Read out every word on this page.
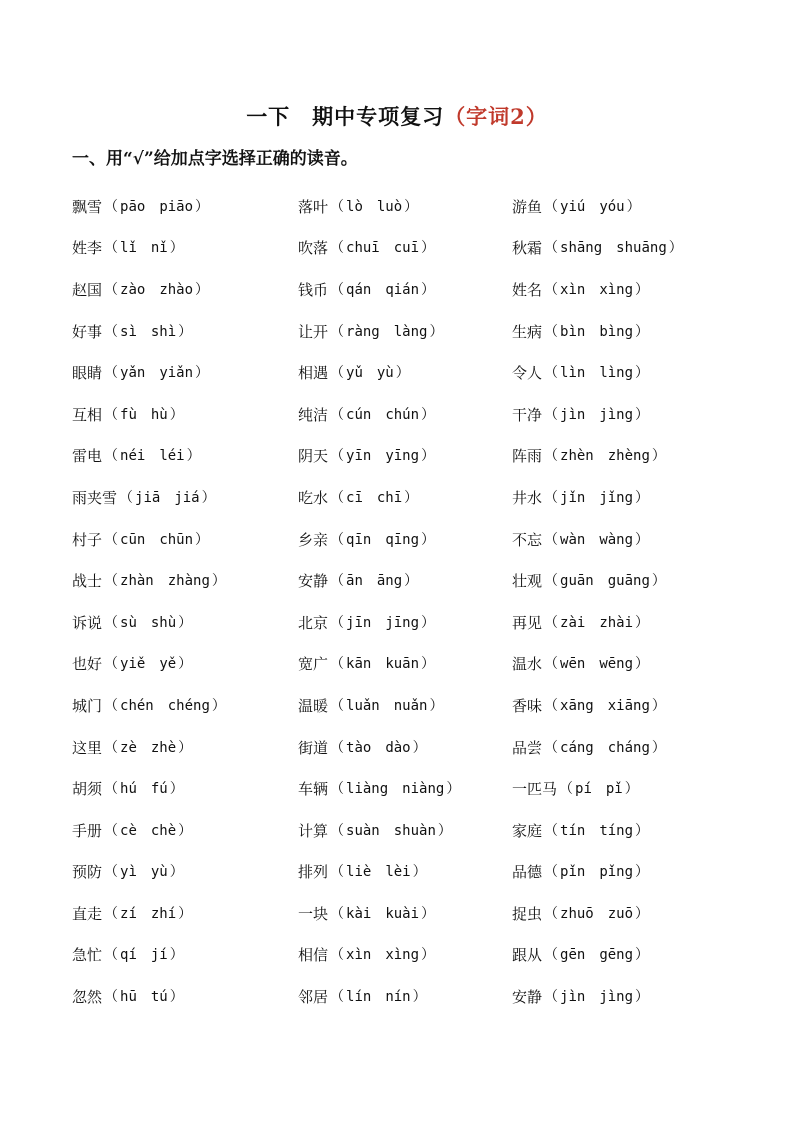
一下　期中专项复习（字词2）
一、用“√”给加点字选择正确的读音。
飘雪 （ pāo piāo ）	落叶 （ lò luò ）	游鱼 （ yiú yóu ）
姓李 （ lǐ nǐ ）	吹落 （ chuī cuī ）	秋霜 （ shāng shuāng ）
赵国 （ zào zhào ）	钱币 （ qán qián ）	姓名 （ xìn xìng ）
好事 （ sì shì ）	让开 （ ràng làng ）	生病 （ bìn bìng ）
眼睛 （ yǎn yiǎn ）	相遇 （ yǔ yù ）	令人 （ lìn lìng ）
互相 （ fù hù ）	纯洁 （ cún chún ）	干净 （ jìn jìng ）
雷电 （ néi léi ）	阴天 （ yīn yīng ）	阵雨 （ zhèn zhèng ）
雨夹雪 （ jiā jiá ）	吃水 （ cī chī ）	井水 （ jǐn jǐng ）
村子 （ cūn chūn ）	乡亲 （ qīn qīng ）	不忘 （ wàn wàng ）
战士 （ zhàn zhàng ）	安静 （ ān āng ）	壮观 （ guān guāng ）
诉说 （ sù shù ）	北京 （ jīn jīng ）	再见 （ zài zhài ）
也好 （ yiě yě ）	宽广 （ kān kuān ）	温水 （ wēn wēng ）
城门 （ chén chéng ）	温暖 （ luǎn nuǎn ）	香味 （ xāng xiāng ）
这里 （ zè zhè ）	街道 （ tào dào ）	品尝 （ cáng cháng ）
胡须 （ hú fú ）	车辆 （ liàng niàng ）	一匹马 （ pí pǐ ）
手册 （ cè chè ）	计算 （ suàn shuàn ）	家庭 （ tín tíng ）
预防 （ yì yù ）	排列 （ liè lèi ）	品德 （ pǐn pǐng ）
直走 （ zí zhí ）	一块 （ kài kuài ）	捉虫 （ zhuō zuō ）
急忙 （ qí jí ）	相信 （ xìn xìng ）	跟从 （ gēn gēng ）
忽然 （ hū tú ）	邻居 （ lín nín ）	安静 （ jìn jìng ）
